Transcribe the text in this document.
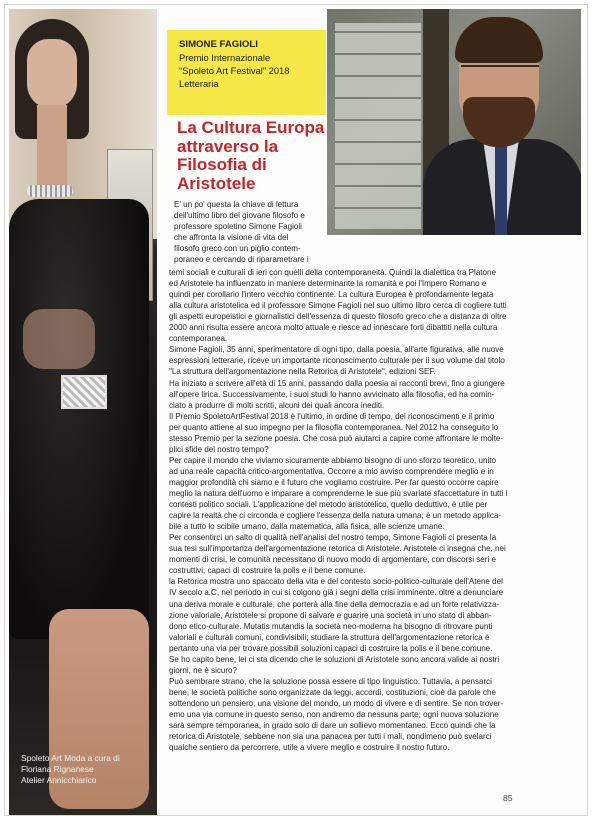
Spoleto Art Moda a cura di
Floriana Rignanese
Atelier Annicchiarico
SIMONE FAGIOLI
Premio Internazionale
“Spoleto Art Festival” 2018
Letteraria
La Cultura Europa
attraverso la
Filosofia di
Aristotele
E' un po' questa la chiave di lettura
dell'ultimo libro del giovane filosofo e
professore spoletino Simone Fagioli
che affronta la visione di vita del
filosofo greco con un piglio contem-
poraneo e cercando di riparametrare i
temi sociali e culturali di ieri con quelli della contemporaneità. Quindi la dialettica tra Platone
ed Aristotele ha influenzato in maniere determinante la romanità e poi l'Impero Romano e
quindi per corollario l'intero vecchio continente. La cultura Europea è profondamente legata
alla cultura aristotelica ed il professore Simone Fagioli nel suo ultimo libro cerca di cogliere tutti
gli aspetti europeistici e giornalistici dell'essenza di questo filosofo greco che a distanza di oltre
2000 anni risulta essere ancora molto attuale e riesce ad innescare forti dibattiti nella cultura
contemporanea.
Simone Fagioli, 35 anni, sperimentatore di ogni tipo, dalla poesia, all'arte figurativa, alle nuove
espressioni letterarie, riceve un importante riconoscimento culturale per il suo volume dal titolo
"La struttura dell'argomentazione nella Retorica di Aristotele", edizioni SEF.
Ha iniziato a scrivere all'età di 15 anni, passando dalla poesia ai racconti brevi, fino a giungere
all'opere lirica. Successivamente, i suoi studi lo hanno avvicinato alla filosofia, ed ha comin-
ciato a produrre di molti scritti, alcuni dei quali ancora inediti.
Il Premio SpoletoArtFestival 2018 è l'ultimo, in ordine di tempo, dei riconoscimenti e il primo
per quanto attiene al suo impegno per la filosofia contemporanea. Nel 2012 ha conseguito lo
stesso Premio per la sezione poesia. Che cosa può aiutarci a capire come affrontare le molte-
plici sfide del nostro tempo?
Per capire il mondo che viviamo sicuramente abbiamo bisogno di uno sforzo teoretico, unito
ad una reale capacità critico-argomentativa. Occorre a mio avviso comprendere meglio e in
maggior profondità chi siamo e il futuro che vogliamo costruire. Per far questo occorre capire
meglio la natura dell'uomo e imparare a comprenderne le sue più svariate sfaccettature in tutti i
contesti politico sociali. L'applicazione del metodo aristotelico, quello deduttivo, è utile per
capire la realtà che ci circonda e cogliere l'essenza della natura umana; è un metodo applica-
bile a tutto lo scibile umano, dalla matematica, alla fisica, alle scienze umane.
Per consentirci un salto di qualità nell'analisi del nostro tempo, Simone Fagioli ci presenta la
sua tesi sull'importanza dell'argomentazione retorica di Aristotele. Aristotele ci insegna che, nei
momenti di crisi, le comunità necessitano di nuovo modo di argomentare, con discorsi seri e
costruttivi, capaci di costruire la polis e il bene comune.
la Retorica mostra uno spaccato della vita e del contesto socio-politico-culturale dell'Atene del
IV secolo a.C, nel periodo in cui si colgono già i segni della crisi imminente. oltre a denunciare
una deriva morale e culturale, che porterà alla fine della democrazia e ad un forte relativizza-
zione valoriale, Aristotele si propone di salvare e guarire una società in uno stato di abban-
dono etico-culturale. Mutatis mutandis la società neo-moderna ha bisogno di ritrovare punti
valoriali e culturali comuni, condivisibili; studiare la struttura dell'argomentazione retorica è
pertanto una via per trovare possibili soluzioni capaci di costruire la polis e il bene comune.
Se ho capito bene, lei ci sta dicendo che le soluzioni di Aristotele sono ancora valide ai nostri
giorni, ne è sicuro?
Può sembrare strano, che la soluzione possa essere di tipo linguistico. Tuttavia, a pensarci
bene, le società politiche sono organizzate da leggi, accordi, costituzioni, cioè da parole che
sottendono un pensiero, una visione del mondo, un modo di vivere e di sentire. Se non trover-
emo una via comune in questo senso, non andremo da nessuna parte; ogni nuova soluzione
sarà sempre temporanea, in grado solo di dare un sollievo momentaneo. Ecco quindi che la
retorica di Aristotele, sebbene non sia una panacea per tutti i mali, nondimeno può svelarci
qualche sentiero da percorrere, utile a vivere meglio e costruire il nostro futuro.
85
